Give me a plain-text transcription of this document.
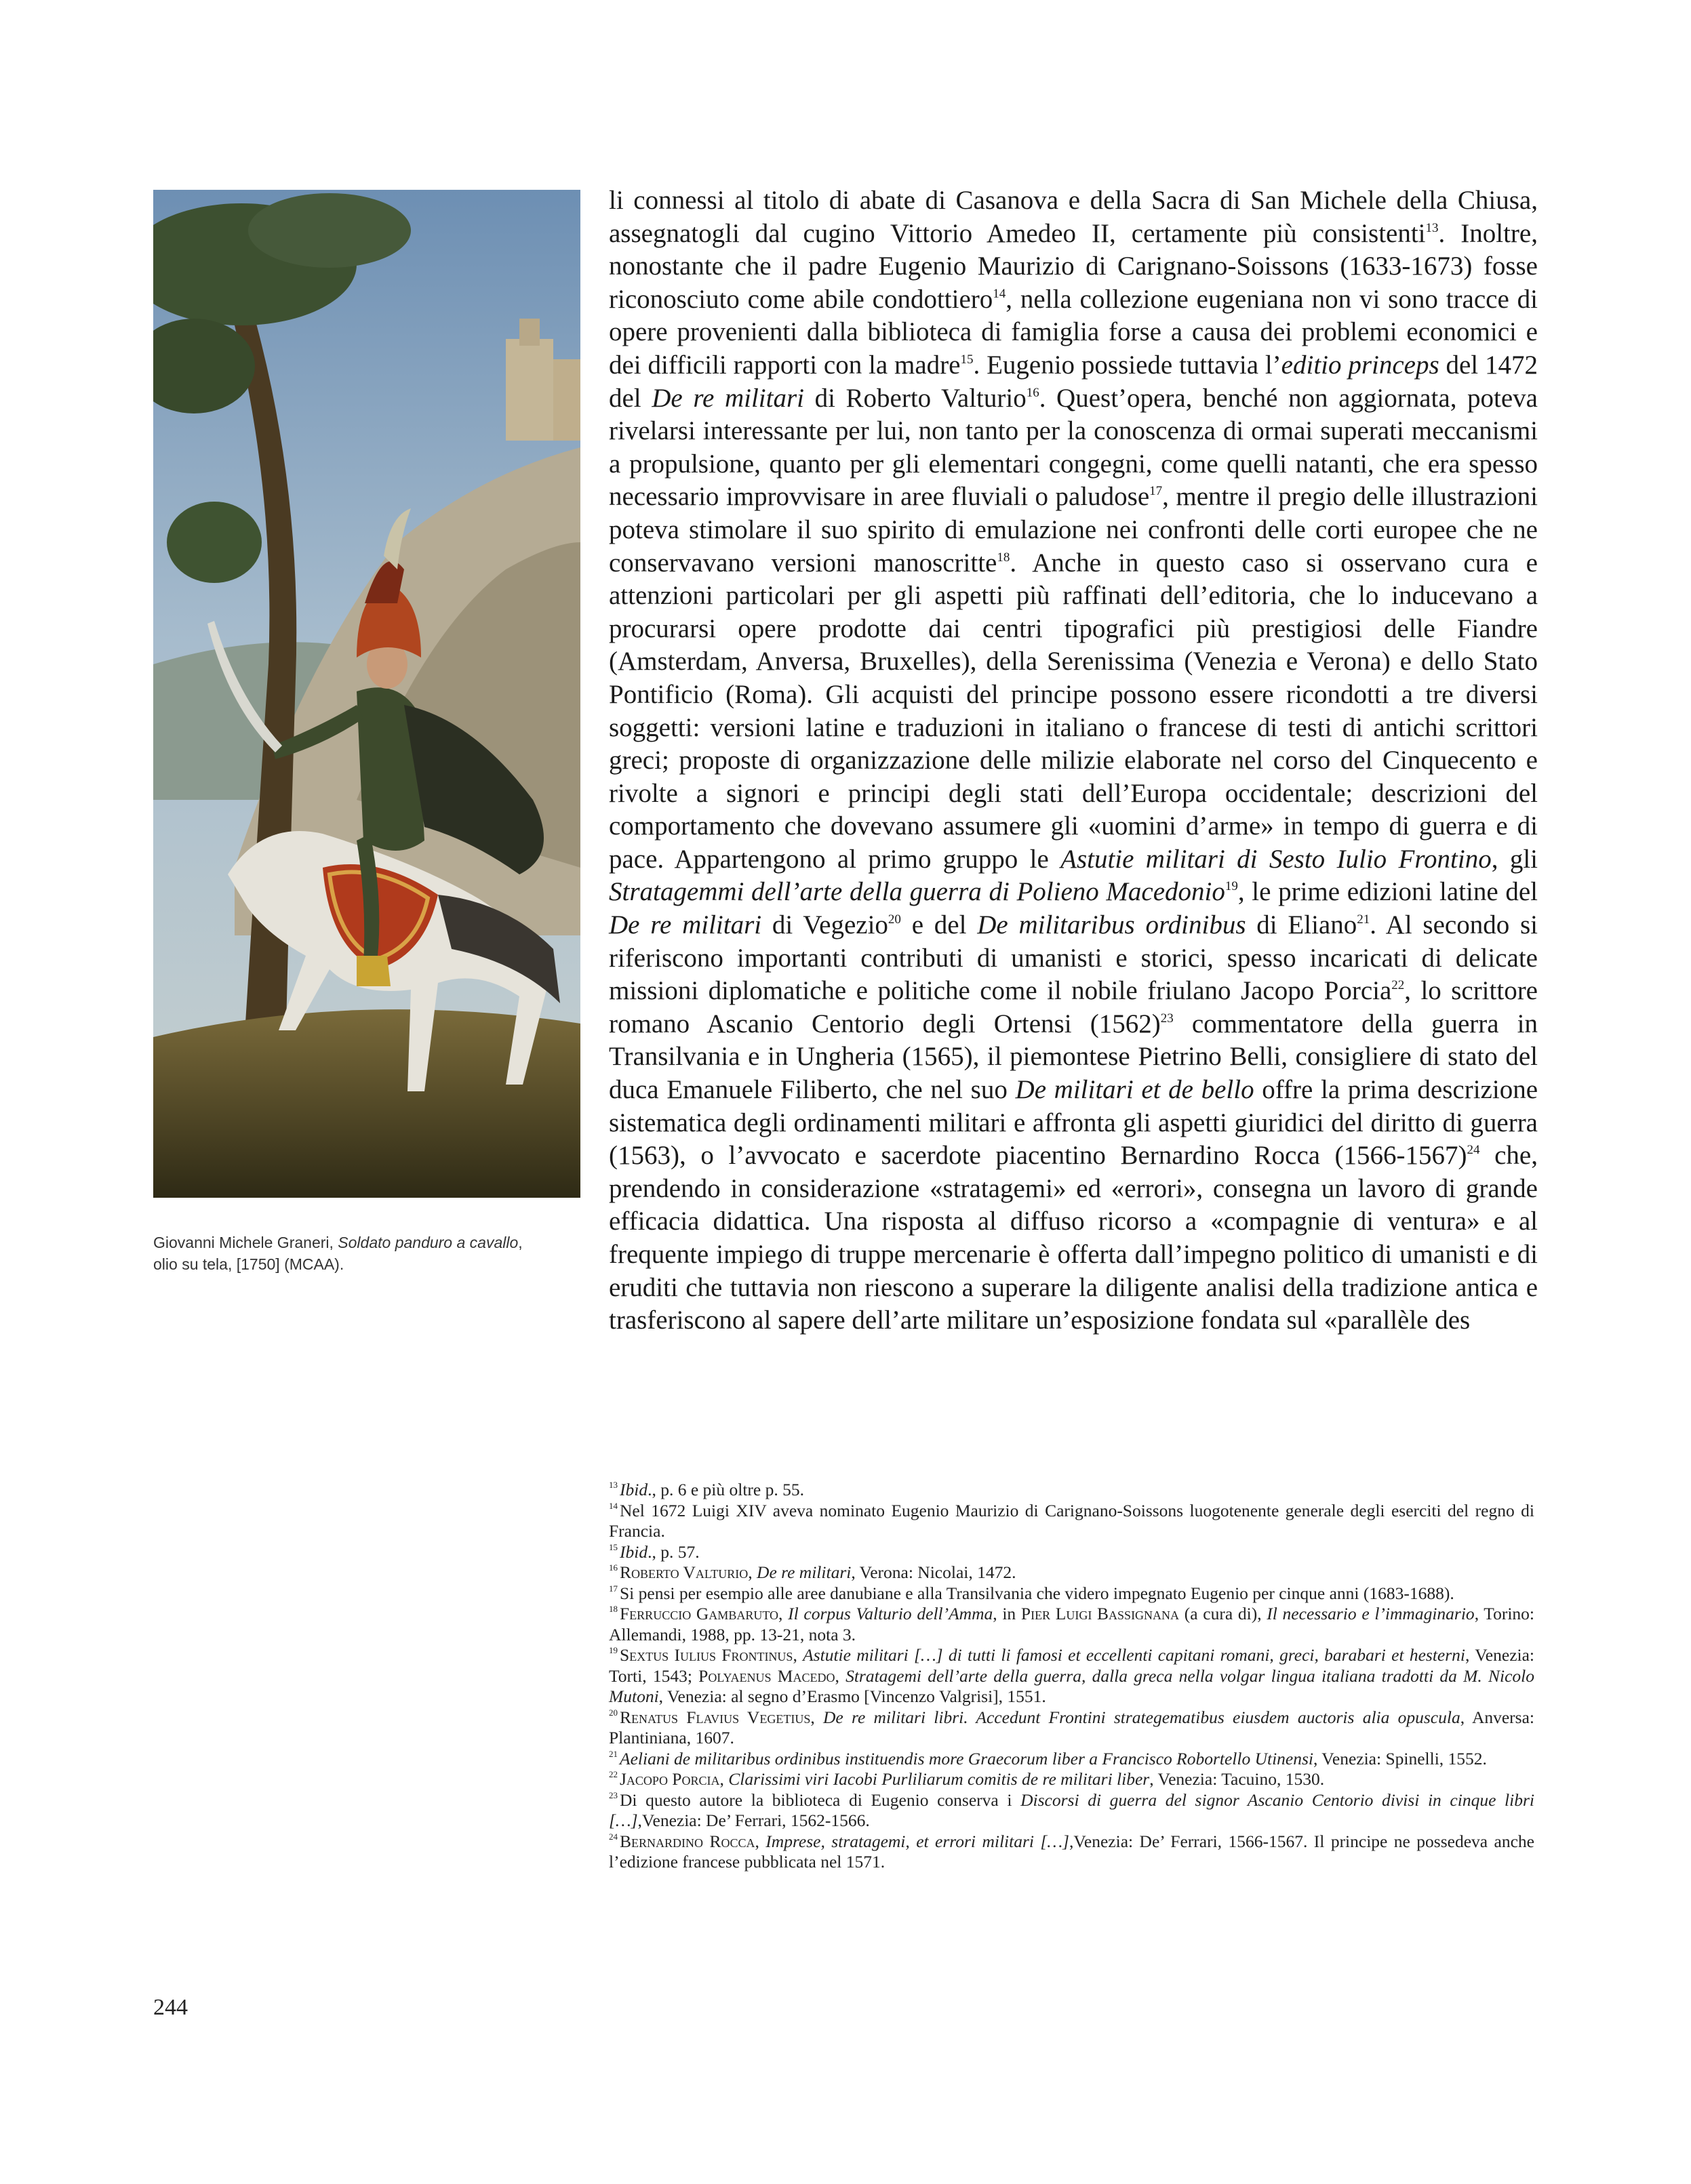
Giovanni Michele Graneri, Soldato panduro a cavallo,

olio su tela, [1750] (MCAA).

li connessi al titolo di abate di Casanova e della Sacra di San Michele della Chiusa, assegnatogli dal cugino Vittorio Amedeo II, certamente più consistenti$^{13}$. Inoltre, nonostante che il padre Eugenio Maurizio di Carignano-Soissons (1633-1673) fosse riconosciuto come abile condottiero$^{14}$, nella collezione eugeniana non vi sono tracce di opere provenienti dalla biblioteca di famiglia forse a causa dei problemi economici e dei difficili rapporti con la madre$^{15}$. Eugenio possiede tuttavia l’editio princeps del 1472 del De re militari di Roberto Valturio$^{16}$. Quest’opera, benché non aggiornata, poteva rivelarsi interessante per lui, non tanto per la conoscenza di ormai superati meccanismi a propulsione, quanto per gli elementari congegni, come quelli natanti, che era spesso necessario improvvisare in aree fluviali o paludose$^{17}$, mentre il pregio delle illustrazioni poteva stimolare il suo spirito di emulazione nei confronti delle corti europee che ne conservavano versioni manoscritte$^{18}$. Anche in questo caso si osservano cura e attenzioni particolari per gli aspetti più raffinati dell’editoria, che lo inducevano a procurarsi opere prodotte dai centri tipografici più prestigiosi delle Fiandre (Amsterdam, Anversa, Bruxelles), della Serenissima (Venezia e Verona) e dello Stato Pontificio (Roma). Gli acquisti del principe possono essere ricondotti a tre diversi soggetti: versioni latine e traduzioni in italiano o francese di testi di antichi scrittori greci; proposte di organizzazione delle milizie elaborate nel corso del Cinquecento e rivolte a signori e principi degli stati dell’Europa occidentale; descrizioni del comportamento che dovevano assumere gli «uomini d’arme» in tempo di guerra e di pace. Appartengono al primo gruppo le Astutie militari di Sesto Iulio Frontino, gli Stratagemmi dell’arte della guerra di Polieno Macedonio$^{19}$, le prime edizioni latine del De re militari di Vegezio$^{20}$ e del De militaribus ordinibus di Eliano$^{21}$. Al secondo si riferiscono importanti contributi di umanisti e storici, spesso incaricati di delicate missioni diplomatiche e politiche come il nobile friulano Jacopo Porcia$^{22}$, lo scrittore romano Ascanio Centorio degli Ortensi $(1562)^{23}$ commentatore della guerra in Transilvania e in Ungheria (1565), il piemontese Pietrino Belli, consigliere di stato del duca Emanuele Filiberto, che nel suo De militari et de bello offre la prima descrizione sistematica degli ordinamenti militari e affronta gli aspetti giuridici del diritto di guerra (1563), o l’avvocato e sacerdote piacentino Bernardino Rocca (1566-1567)$^{24}$ che, prendendo in considerazione «stratagemi» ed «errori», consegna un lavoro di grande efficacia didattica. Una risposta al diffuso ricorso a «compagnie di ventura» e al frequente impiego di truppe mercenarie è offerta dall’impegno politico di umanisti e di eruditi che tuttavia non riescono a superare la diligente analisi della tradizione antica e trasferiscono al sapere dell’arte militare un’esposizione fondata sul «parallèle des

$^{13}$ Ibid., p. 6 e più oltre p. 55.

$^{14}$ Nel 1672 Luigi XIV aveva nominato Eugenio Maurizio di Carignano-Soissons luogotenente generale degli eserciti del regno di Francia.

$^{15}$ Ibid., p. 57.

$^{16}$ Roberto Valturio, De re militari, Verona: Nicolai, 1472.

$^{17}$ Si pensi per esempio alle aree danubiane e alla Transilvania che videro impegnato Eugenio per cinque anni (1683-1688).

$^{18}$ Ferruccio Gambaruto, Il corpus Valturio dell’Amma, in Pier Luigi Bassignana (a cura di), Il necessario e l’immaginario, Torino: Allemandi, 1988, pp. 13-21, nota 3.

$^{19}$ Sextus Iulius Frontinus, Astutie militari […] di tutti li famosi et eccellenti capitani romani, greci, barabari et hesterni, Venezia: Torti, 1543; Polyaenus Macedo, Stratagemi dell’arte della guerra, dalla greca nella volgar lingua italiana tradotti da M. Nicolo Mutoni, Venezia: al segno d’Erasmo [Vincenzo Valgrisi], 1551.

$^{20}$ Renatus Flavius Vegetius, De re militari libri. Accedunt Frontini strategematibus eiusdem auctoris alia opuscula, Anversa: Plantiniana, 1607.

$^{21}$ Aeliani de militaribus ordinibus instituendis more Graecorum liber a Francisco Robortello Utinensi, Venezia: Spinelli, 1552.

$^{22}$ Jacopo Porcia, Clarissimi viri Iacobi Purliliarum comitis de re militari liber, Venezia: Tacuino, 1530.

$^{23}$ Di questo autore la biblioteca di Eugenio conserva i Discorsi di guerra del signor Ascanio Centorio divisi in cinque libri […],Venezia: De’ Ferrari, 1562-1566.

$^{24}$ Bernardino Rocca, Imprese, stratagemi, et errori militari […],Venezia: De’ Ferrari, 1566-1567. Il principe ne possedeva anche l’edizione francese pubblicata nel 1571.

244
